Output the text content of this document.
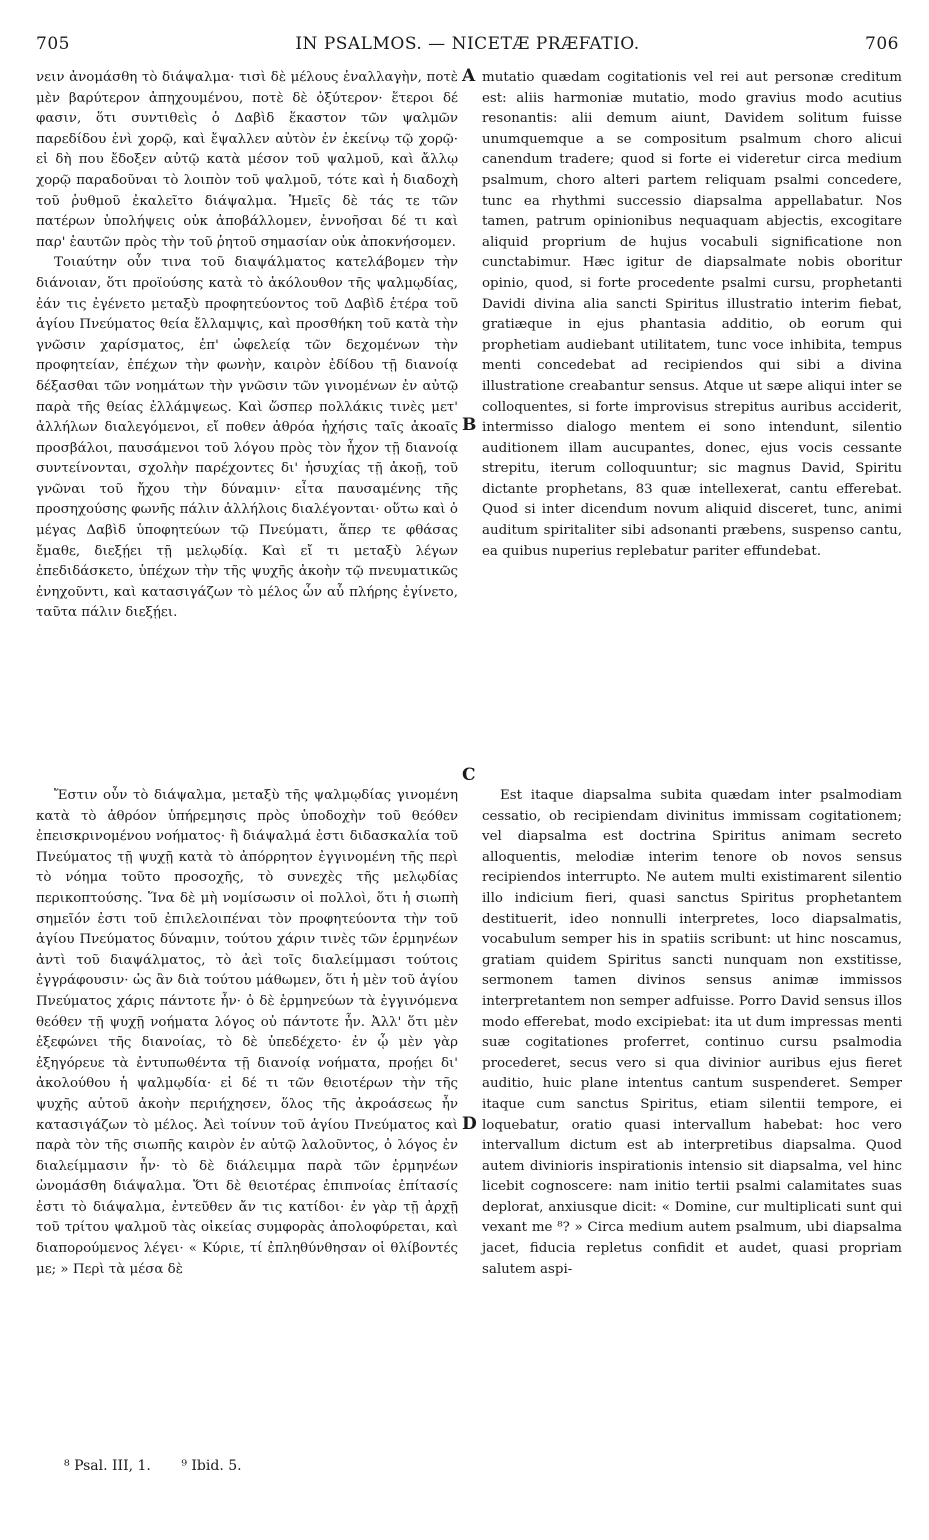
705	IN PSALMOS. — NICETÆ PRÆFATIO.	706

νειν ἀνομάσθη τὸ διάψαλμα· τισὶ δὲ μέλους ἐναλλαγὴν, ποτὲ μὲν βαρύτερον ἀπηχουμένου, ποτὲ δὲ ὀξύτερον· ἕτεροι δέ φασιν, ὅτι συντιθεὶς ὁ Δαβὶδ ἕκαστον τῶν ψαλμῶν παρεδίδου ἐνὶ χορῷ, καὶ ἔψαλλεν αὐτὸν ἐν ἐκείνῳ τῷ χορῷ· εἰ δὴ που ἔδοξεν αὐτῷ κατὰ μέσον τοῦ ψαλμοῦ, καὶ ἄλλῳ χορῷ παραδοῦναι τὸ λοιπὸν τοῦ ψαλμοῦ, τότε καὶ ἡ διαδοχὴ τοῦ ῥυθμοῦ ἐκαλεῖτο διάψαλμα. Ἡμεῖς δὲ τάς τε τῶν πατέρων ὑπολήψεις οὐκ ἀποβάλλομεν, ἐννοῆσαι δέ τι καὶ παρ' ἑαυτῶν πρὸς τὴν τοῦ ῥητοῦ σημασίαν οὐκ ἀποκνήσομεν.

Τοιαύτην οὖν τινα τοῦ διαψάλματος κατελάβομεν τὴν διάνοιαν, ὅτι προϊούσης κατὰ τὸ ἀκόλουθον τῆς ψαλμῳδίας, ἐάν τις ἐγένετο μεταξὺ προφητεύοντος τοῦ Δαβὶδ ἑτέρα τοῦ ἁγίου Πνεύματος θεία ἔλλαμψις, καὶ προσθήκη τοῦ κατὰ τὴν γνῶσιν χαρίσματος, ἐπ' ὠφελείᾳ τῶν δεχομένων τὴν προφητείαν, ἐπέχων τὴν φωνὴν, καιρὸν ἐδίδου τῇ διανοίᾳ δέξασθαι τῶν νοημάτων τὴν γνῶσιν τῶν γινομένων ἐν αὐτῷ παρὰ τῆς θείας ἐλλάμψεως. Καὶ ὥσπερ πολλάκις τινὲς μετ' ἀλλήλων διαλεγόμενοι, εἴ ποθεν ἀθρόα ἠχήσις ταῖς ἀκοαῖς προσβάλοι, παυσάμενοι τοῦ λόγου πρὸς τὸν ἦχον τῇ διανοίᾳ συντείνονται, σχολὴν παρέχοντες δι' ἡσυχίας τῇ ἀκοῇ, τοῦ γνῶναι τοῦ ἤχου τὴν δύναμιν· εἶτα παυσαμένης τῆς προσηχούσης φωνῆς πάλιν ἀλλήλοις διαλέγονται· οὕτω καὶ ὁ μέγας Δαβὶδ ὑποφητεύων τῷ Πνεύματι, ἅπερ τε φθάσας ἔμαθε, διεξῄει τῇ μελῳδίᾳ. Καὶ εἴ τι μεταξὺ λέγων ἐπεδιδάσκετο, ὑπέχων τὴν τῆς ψυχῆς ἀκοὴν τῷ πνευματικῶς ἐνηχοῦντι, καὶ κατασιγάζων τὸ μέλος ὧν αὖ πλήρης ἐγίνετο, ταῦτα πάλιν διεξῄει.

mutatio quædam cogitationis vel rei aut personæ creditum est: aliis harmoniæ mutatio, modo gravius modo acutius resonantis: alii demum aiunt, Davidem solitum fuisse unumquemque a se compositum psalmum choro alicui canendum tradere; quod si forte ei videretur circa medium psalmum, choro alteri partem reliquam psalmi concedere, tunc ea rhythmi successio diapsalma appellabatur. Nos tamen, patrum opinionibus nequaquam abjectis, excogitare aliquid proprium de hujus vocabuli significatione non cunctabimur. Hæc igitur de diapsalmate nobis oboritur opinio, quod, si forte procedente psalmi cursu, prophetanti Davidi divina alia sancti Spiritus illustratio interim fiebat, gratiæque in ejus phantasia additio, ob eorum qui prophetiam audiebant utilitatem, tunc voce inhibita, tempus menti concedebat ad recipiendos qui sibi a divina illustratione creabantur sensus. Atque ut sæpe aliqui inter se colloquentes, si forte improvisus strepitus auribus acciderit, intermisso dialogo mentem ei sono intendunt, silentio auditionem illam aucupantes, donec, ejus vocis cessante strepitu, iterum colloquuntur; sic magnus David, Spiritu dictante prophetans, 83 quæ intellexerat, cantu efferebat. Quod si inter dicendum novum aliquid disceret, tunc, animi auditum spiritaliter sibi adsonanti præbens, suspenso cantu, ea quibus nuperius replebatur pariter effundebat.

Ἔστιν οὖν τὸ διάψαλμα, μεταξὺ τῆς ψαλμῳδίας γινομένη κατὰ τὸ ἀθρόον ὑπήρεμησις πρὸς ὑποδοχὴν τοῦ θεόθεν ἐπεισκρινομένου νοήματος· ἢ διάψαλμά ἐστι διδασκαλία τοῦ Πνεύματος τῇ ψυχῇ κατὰ τὸ ἀπόρρητον ἐγγινομένη τῆς περὶ τὸ νόημα τοῦτο προσοχῆς, τὸ συνεχὲς τῆς μελῳδίας περικοπτούσης. Ἵνα δὲ μὴ νομίσωσιν οἱ πολλοὶ, ὅτι ἡ σιωπὴ σημεῖόν ἐστι τοῦ ἐπιλελοιπέναι τὸν προφητεύοντα τὴν τοῦ ἁγίου Πνεύματος δύναμιν, τούτου χάριν τινὲς τῶν ἑρμηνέων ἀντὶ τοῦ διαψάλματος, τὸ ἀεὶ τοῖς διαλείμμασι τούτοις ἐγγράφουσιν· ὡς ἂν διὰ τούτου μάθωμεν, ὅτι ἡ μὲν τοῦ ἁγίου Πνεύματος χάρις πάντοτε ἦν· ὁ δὲ ἑρμηνεύων τὰ ἐγγινόμενα θεόθεν τῇ ψυχῇ νοήματα λόγος οὐ πάντοτε ἦν. Ἀλλ' ὅτι μὲν ἐξεφώνει τῆς διανοίας, τὸ δὲ ὑπεδέχετο· ἐν ᾧ μὲν γὰρ ἐξηγόρευε τὰ ἐντυπωθέντα τῇ διανοίᾳ νοήματα, προῄει δι' ἀκολούθου ἡ ψαλμῳδία· εἰ δέ τι τῶν θειοτέρων τὴν τῆς ψυχῆς αὐτοῦ ἀκοὴν περιήχησεν, ὅλος τῆς ἀκροάσεως ἦν κατασιγάζων τὸ μέλος. Ἀεὶ τοίνυν τοῦ ἁγίου Πνεύματος καὶ παρὰ τὸν τῆς σιωπῆς καιρὸν ἐν αὐτῷ λαλοῦντος, ὁ λόγος ἐν διαλείμμασιν ἦν· τὸ δὲ διάλειμμα παρὰ τῶν ἑρμηνέων ὠνομάσθη διάψαλμα. Ὅτι δὲ θειοτέρας ἐπιπνοίας ἐπίτασίς ἐστι τὸ διάψαλμα, ἐντεῦθεν ἄν τις κατίδοι· ἐν γὰρ τῇ ἀρχῇ τοῦ τρίτου ψαλμοῦ τὰς οἰκείας συμφορὰς ἀπολοφύρεται, καὶ διαπορούμενος λέγει· « Κύριε, τί ἐπληθύνθησαν οἱ θλίβοντές με; » Περὶ τὰ μέσα δὲ

Est itaque diapsalma subita quædam inter psalmodiam cessatio, ob recipiendam divinitus immissam cogitationem; vel diapsalma est doctrina Spiritus animam secreto alloquentis, melodiæ interim tenore ob novos sensus recipiendos interrupto. Ne autem multi existimarent silentio illo indicium fieri, quasi sanctus Spiritus prophetantem destituerit, ideo nonnulli interpretes, loco diapsalmatis, vocabulum semper his in spatiis scribunt: ut hinc noscamus, gratiam quidem Spiritus sancti nunquam non exstitisse, sermonem tamen divinos sensus animæ immissos interpretantem non semper adfuisse. Porro David sensus illos modo efferebat, modo excipiebat: ita ut dum impressas menti suæ cogitationes proferret, continuo cursu psalmodia procederet, secus vero si qua divinior auribus ejus fieret auditio, huic plane intentus cantum suspenderet. Semper itaque cum sanctus Spiritus, etiam silentii tempore, ei loquebatur, oratio quasi intervallum habebat: hoc vero intervallum dictum est ab interpretibus diapsalma. Quod autem divinioris inspirationis intensio sit diapsalma, vel hinc licebit cognoscere: nam initio tertii psalmi calamitates suas deplorat, anxiusque dicit: « Domine, cur multiplicati sunt qui vexant me ⁸? » Circa medium autem psalmum, ubi diapsalma jacet, fiducia repletus confidit et audet, quasi propriam salutem aspi-

A
B
C
D
⁸ Psal. III, 1. ⁹ Ibid. 5.
